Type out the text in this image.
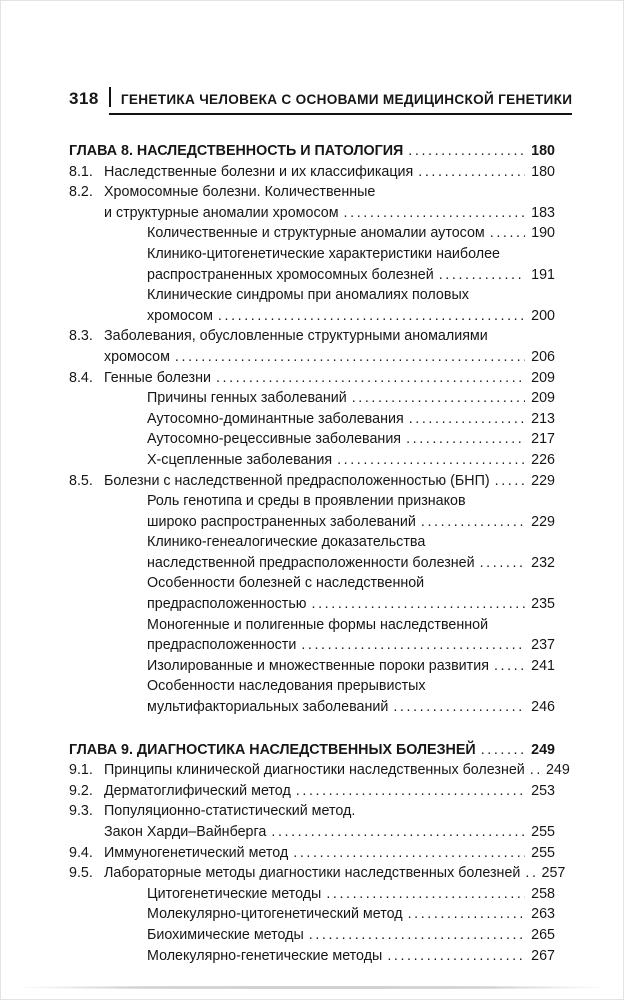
318	ГЕНЕТИКА ЧЕЛОВЕКА С ОСНОВАМИ МЕДИЦИНСКОЙ ГЕНЕТИКИ
ГЛАВА 8. НАСЛЕДСТВЕННОСТЬ И ПАТОЛОГИЯ .....	180
8.1. Наследственные болезни и их классификация .....	180
8.2. Хромосомные болезни. Количественные
и структурные аномалии хромосом .....	183
Количественные и структурные аномалии аутосом .....	190
Клинико-цитогенетические характеристики наиболее
распространенных хромосомных болезней .....	191
Клинические синдромы при аномалиях половых
хромосом .....	200
8.3. Заболевания, обусловленные структурными аномалиями
хромосом .....	206
8.4. Генные болезни .....	209
Причины генных заболеваний .....	209
Аутосомно-доминантные заболевания .....	213
Аутосомно-рецессивные заболевания .....	217
Х-сцепленные заболевания .....	226
8.5. Болезни с наследственной предрасположенностью (БНП) .....	229
Роль генотипа и среды в проявлении признаков
широко распространенных заболеваний .....	229
Клинико-генеалогические доказательства
наследственной предрасположенности болезней .....	232
Особенности болезней с наследственной
предрасположенностью .....	235
Моногенные и полигенные формы наследственной
предрасположенности .....	237
Изолированные и множественные пороки развития .....	241
Особенности наследования прерывистых
мультифакториальных заболеваний .....	246
ГЛАВА 9. ДИАГНОСТИКА НАСЛЕДСТВЕННЫХ БОЛЕЗНЕЙ .....	249
9.1. Принципы клинической диагностики наследственных болезней ..... 249
9.2. Дерматоглифический метод .....	253
9.3. Популяционно-статистический метод.
Закон Харди–Вайнберга .....	255
9.4. Иммуногенетический метод .....	255
9.5. Лабораторные методы диагностики наследственных болезней ..... 257
Цитогенетические методы .....	258
Молекулярно-цитогенетический метод .....	263
Биохимические методы .....	265
Молекулярно-генетические методы .....	267
